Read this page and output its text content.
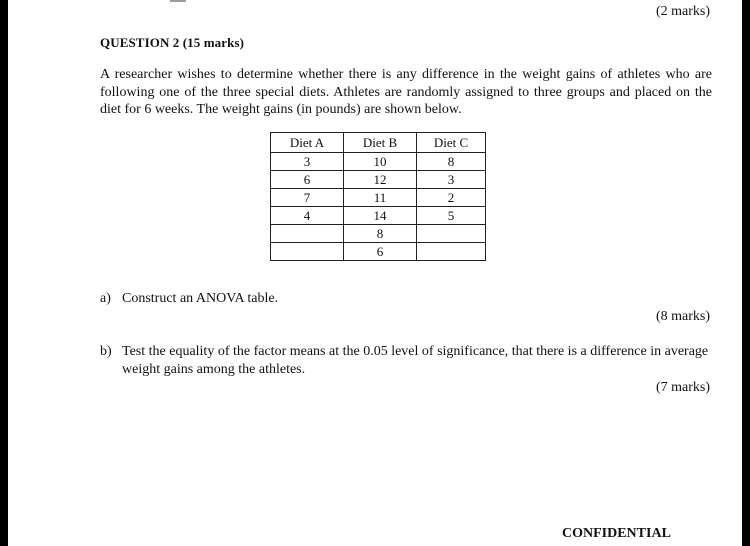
(2 marks)
QUESTION 2 (15 marks)
A researcher wishes to determine whether there is any difference in the weight gains of athletes who are following one of the three special diets. Athletes are randomly assigned to three groups and placed on the diet for 6 weeks. The weight gains (in pounds) are shown below.
Diet A	Diet B	Diet C
3	10	8
6	12	3
7	11	2
4	14	5
	8	
	6	
a) Construct an ANOVA table.
(8 marks)
b) Test the equality of the factor means at the 0.05 level of significance, that there is a difference in average weight gains among the athletes.
(7 marks)
CONFIDENTIAL
